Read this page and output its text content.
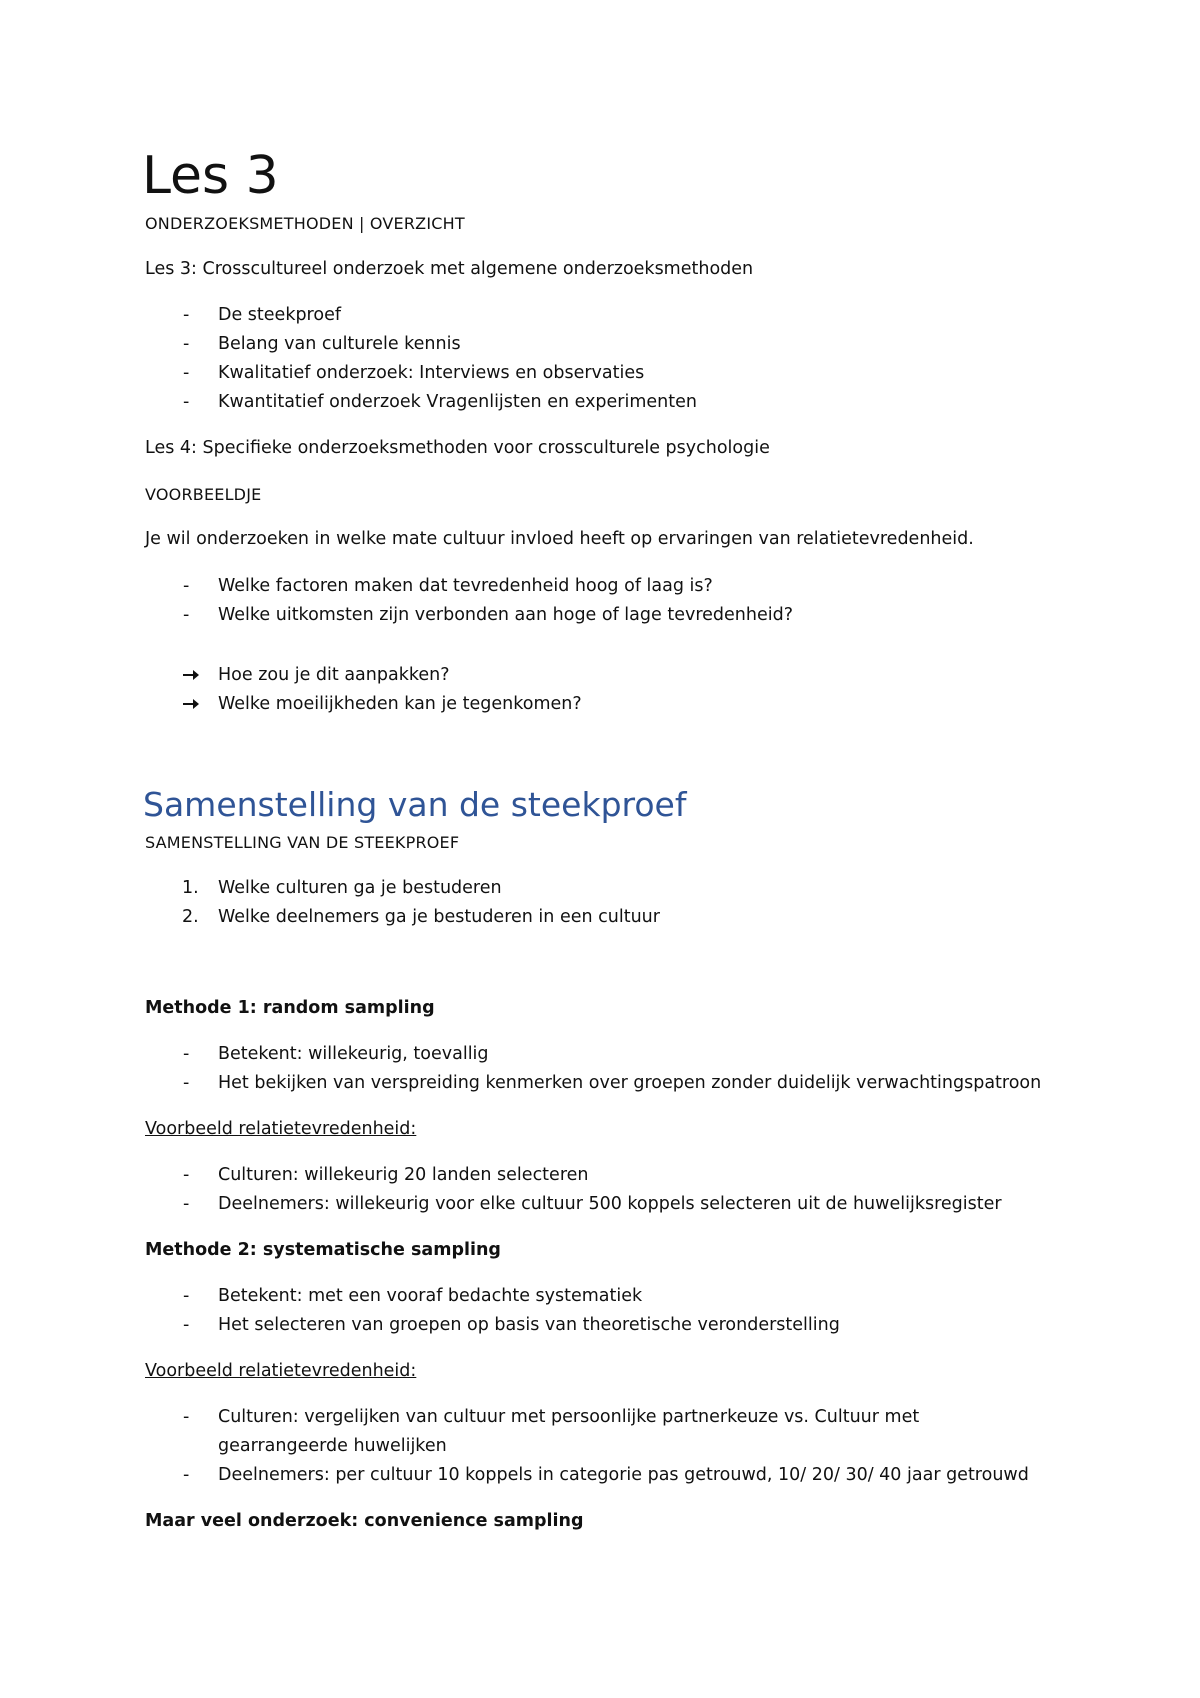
Les 3
ONDERZOEKSMETHODEN | OVERZICHT
Les 3: Crosscultureel onderzoek met algemene onderzoeksmethoden
- De steekproef
- Belang van culturele kennis
- Kwalitatief onderzoek: Interviews en observaties
- Kwantitatief onderzoek Vragenlijsten en experimenten
Les 4: Specifieke onderzoeksmethoden voor crossculturele psychologie
VOORBEELDJE
Je wil onderzoeken in welke mate cultuur invloed heeft op ervaringen van relatietevredenheid.
- Welke factoren maken dat tevredenheid hoog of laag is?
- Welke uitkomsten zijn verbonden aan hoge of lage tevredenheid?
Hoe zou je dit aanpakken?
Welke moeilijkheden kan je tegenkomen?
Samenstelling van de steekproef
SAMENSTELLING VAN DE STEEKPROEF
1. Welke culturen ga je bestuderen
2. Welke deelnemers ga je bestuderen in een cultuur
Methode 1: random sampling
- Betekent: willekeurig, toevallig
- Het bekijken van verspreiding kenmerken over groepen zonder duidelijk verwachtingspatroon
Voorbeeld relatietevredenheid:
- Culturen: willekeurig 20 landen selecteren
- Deelnemers: willekeurig voor elke cultuur 500 koppels selecteren uit de huwelijksregister
Methode 2: systematische sampling
- Betekent: met een vooraf bedachte systematiek
- Het selecteren van groepen op basis van theoretische veronderstelling
Voorbeeld relatietevredenheid:
- Culturen: vergelijken van cultuur met persoonlijke partnerkeuze vs. Cultuur met
gearrangeerde huwelijken
- Deelnemers: per cultuur 10 koppels in categorie pas getrouwd, 10/ 20/ 30/ 40 jaar getrouwd
Maar veel onderzoek: convenience sampling
